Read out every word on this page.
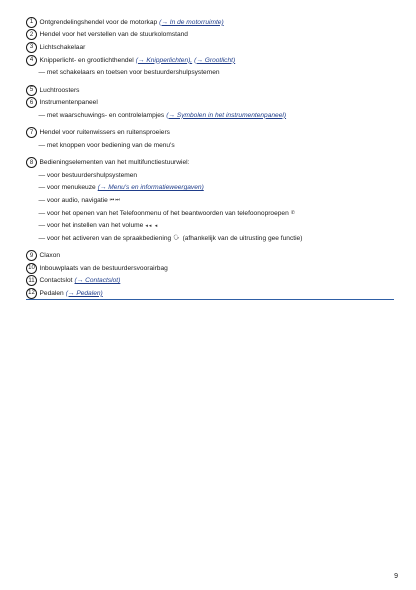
1 Ontgrendelingshendel voor de motorkap (→ In de motorruimte)
2 Hendel voor het verstellen van de stuurkolomstand
3 Lichtschakelaar
4 Knipperlicht- en grootlichthendel (→ Knipperlichten), (→ Grootlicht)
— met schakelaars en toetsen voor bestuurdershulpsystemen
5 Luchtroosters
6 Instrumentenpaneel
— met waarschuwings- en controlelampjes (→ Symbolen in het instrumentenpaneel)
7 Hendel voor ruitenwissers en ruitensproeiers
— met knoppen voor bediening van de menu's
8 Bedieningselementen van het multifunctiestuurwiel:
— voor bestuurdershulpsystemen
— voor menukeuze (→ Menu's en informatieweergaven)
— voor audio, navigatie ⏮⏭
— voor het openen van het Telefoonmenu of het beantwoorden van telefoonoproepen ✆
— voor het instellen van het volume ◂◂ ◂
— voor het activeren van de spraakbediening 🗣 (afhankelijk van de uitrusting gee functie)
9 Claxon
10 Inbouwplaats van de bestuurdersvoorairbag
11 Contactslot (→ Contactslot)
12 Pedalen (→ Pedalen)
9
